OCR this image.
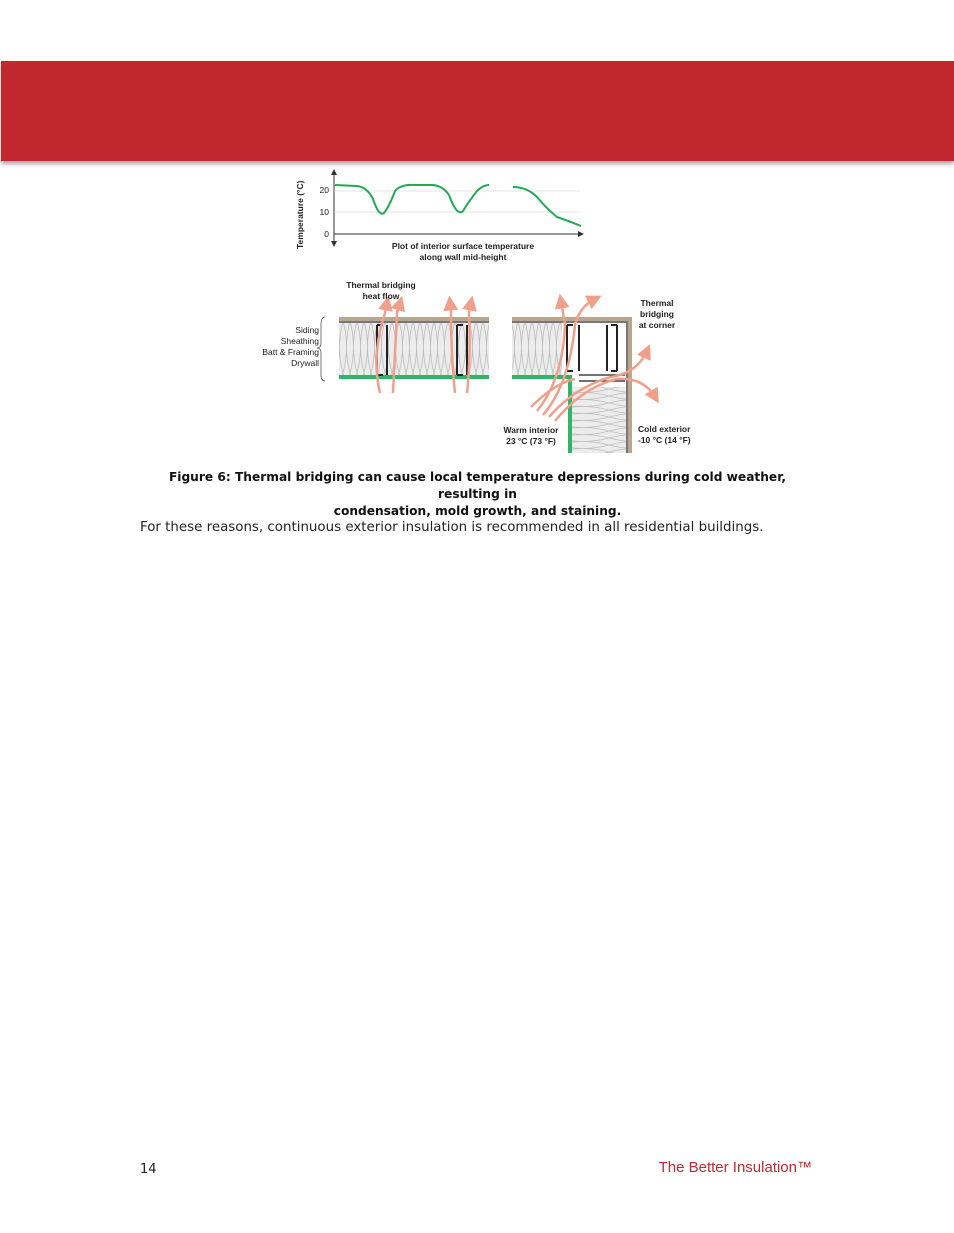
Temperature (°C) 20
10
0
Plot of interior surface temperature
along wall mid-height
Thermal bridging
heat flow
Siding
Sheathing
Batt & Framing
Drywall
Thermal
bridging
at corner
Warm interior
23 °C (73 °F)
Cold exterior
-10 °C (14 °F)
Figure 6: Thermal bridging can cause local temperature depressions during cold weather, resulting in
condensation, mold growth, and staining.
For these reasons, continuous exterior insulation is recommended in all residential buildings.
14	The Better Insulation™
